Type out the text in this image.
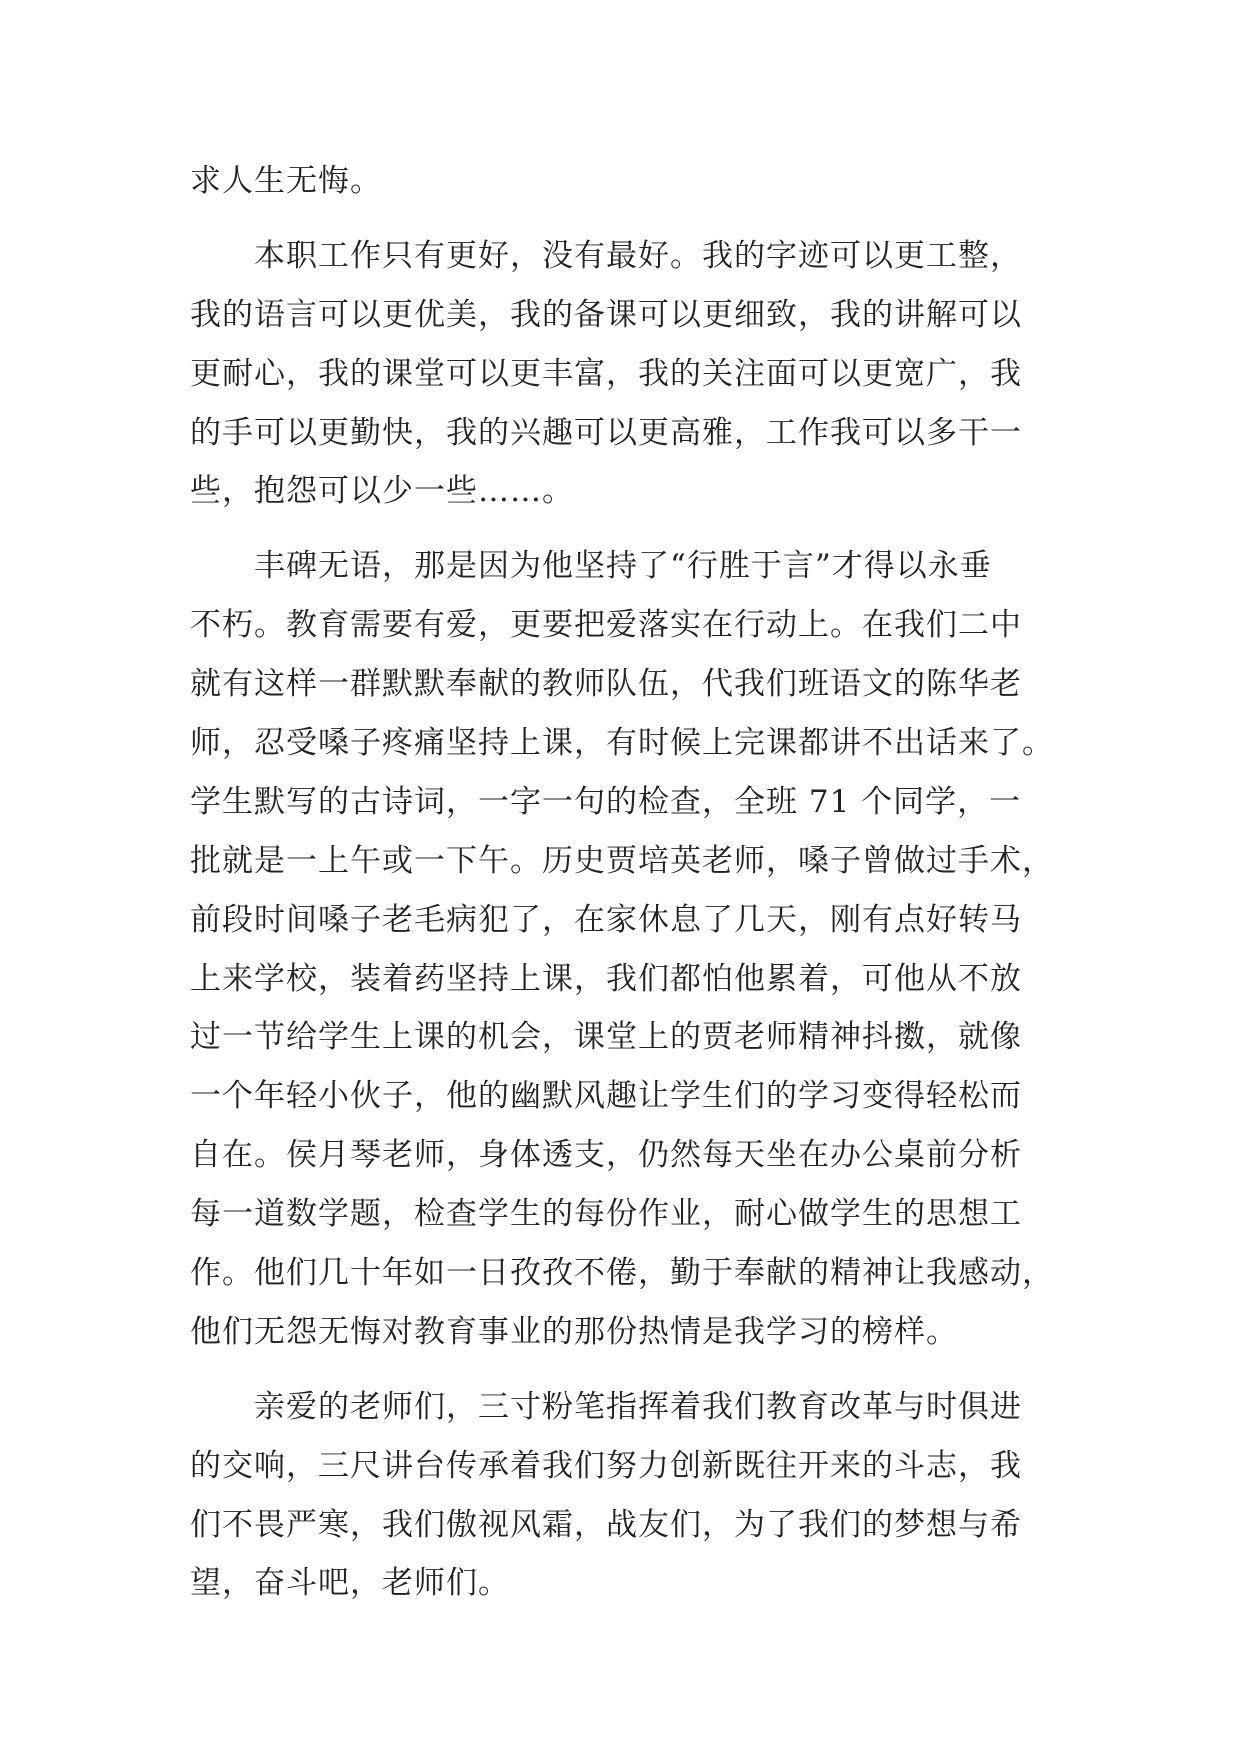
求人生无悔。
本职工作只有更好，没有最好。我的字迹可以更工整，
我的语言可以更优美，我的备课可以更细致，我的讲解可以
更耐心，我的课堂可以更丰富，我的关注面可以更宽广，我
的手可以更勤快，我的兴趣可以更高雅，工作我可以多干一
些，抱怨可以少一些……。
丰碑无语，那是因为他坚持了“行胜于言”才得以永垂
不朽。教育需要有爱，更要把爱落实在行动上。在我们二中
就有这样一群默默奉献的教师队伍，代我们班语文的陈华老
师，忍受嗓子疼痛坚持上课，有时候上完课都讲不出话来了。
学生默写的古诗词，一字一句的检查，全班 71 个同学，一
批就是一上午或一下午。历史贾培英老师，嗓子曾做过手术，
前段时间嗓子老毛病犯了，在家休息了几天，刚有点好转马
上来学校，装着药坚持上课，我们都怕他累着，可他从不放
过一节给学生上课的机会，课堂上的贾老师精神抖擞，就像
一个年轻小伙子，他的幽默风趣让学生们的学习变得轻松而
自在。侯月琴老师，身体透支，仍然每天坐在办公桌前分析
每一道数学题，检查学生的每份作业，耐心做学生的思想工
作。他们几十年如一日孜孜不倦，勤于奉献的精神让我感动，
他们无怨无悔对教育事业的那份热情是我学习的榜样。
亲爱的老师们，三寸粉笔指挥着我们教育改革与时俱进
的交响，三尺讲台传承着我们努力创新既往开来的斗志，我
们不畏严寒，我们傲视风霜，战友们，为了我们的梦想与希
望，奋斗吧，老师们。
